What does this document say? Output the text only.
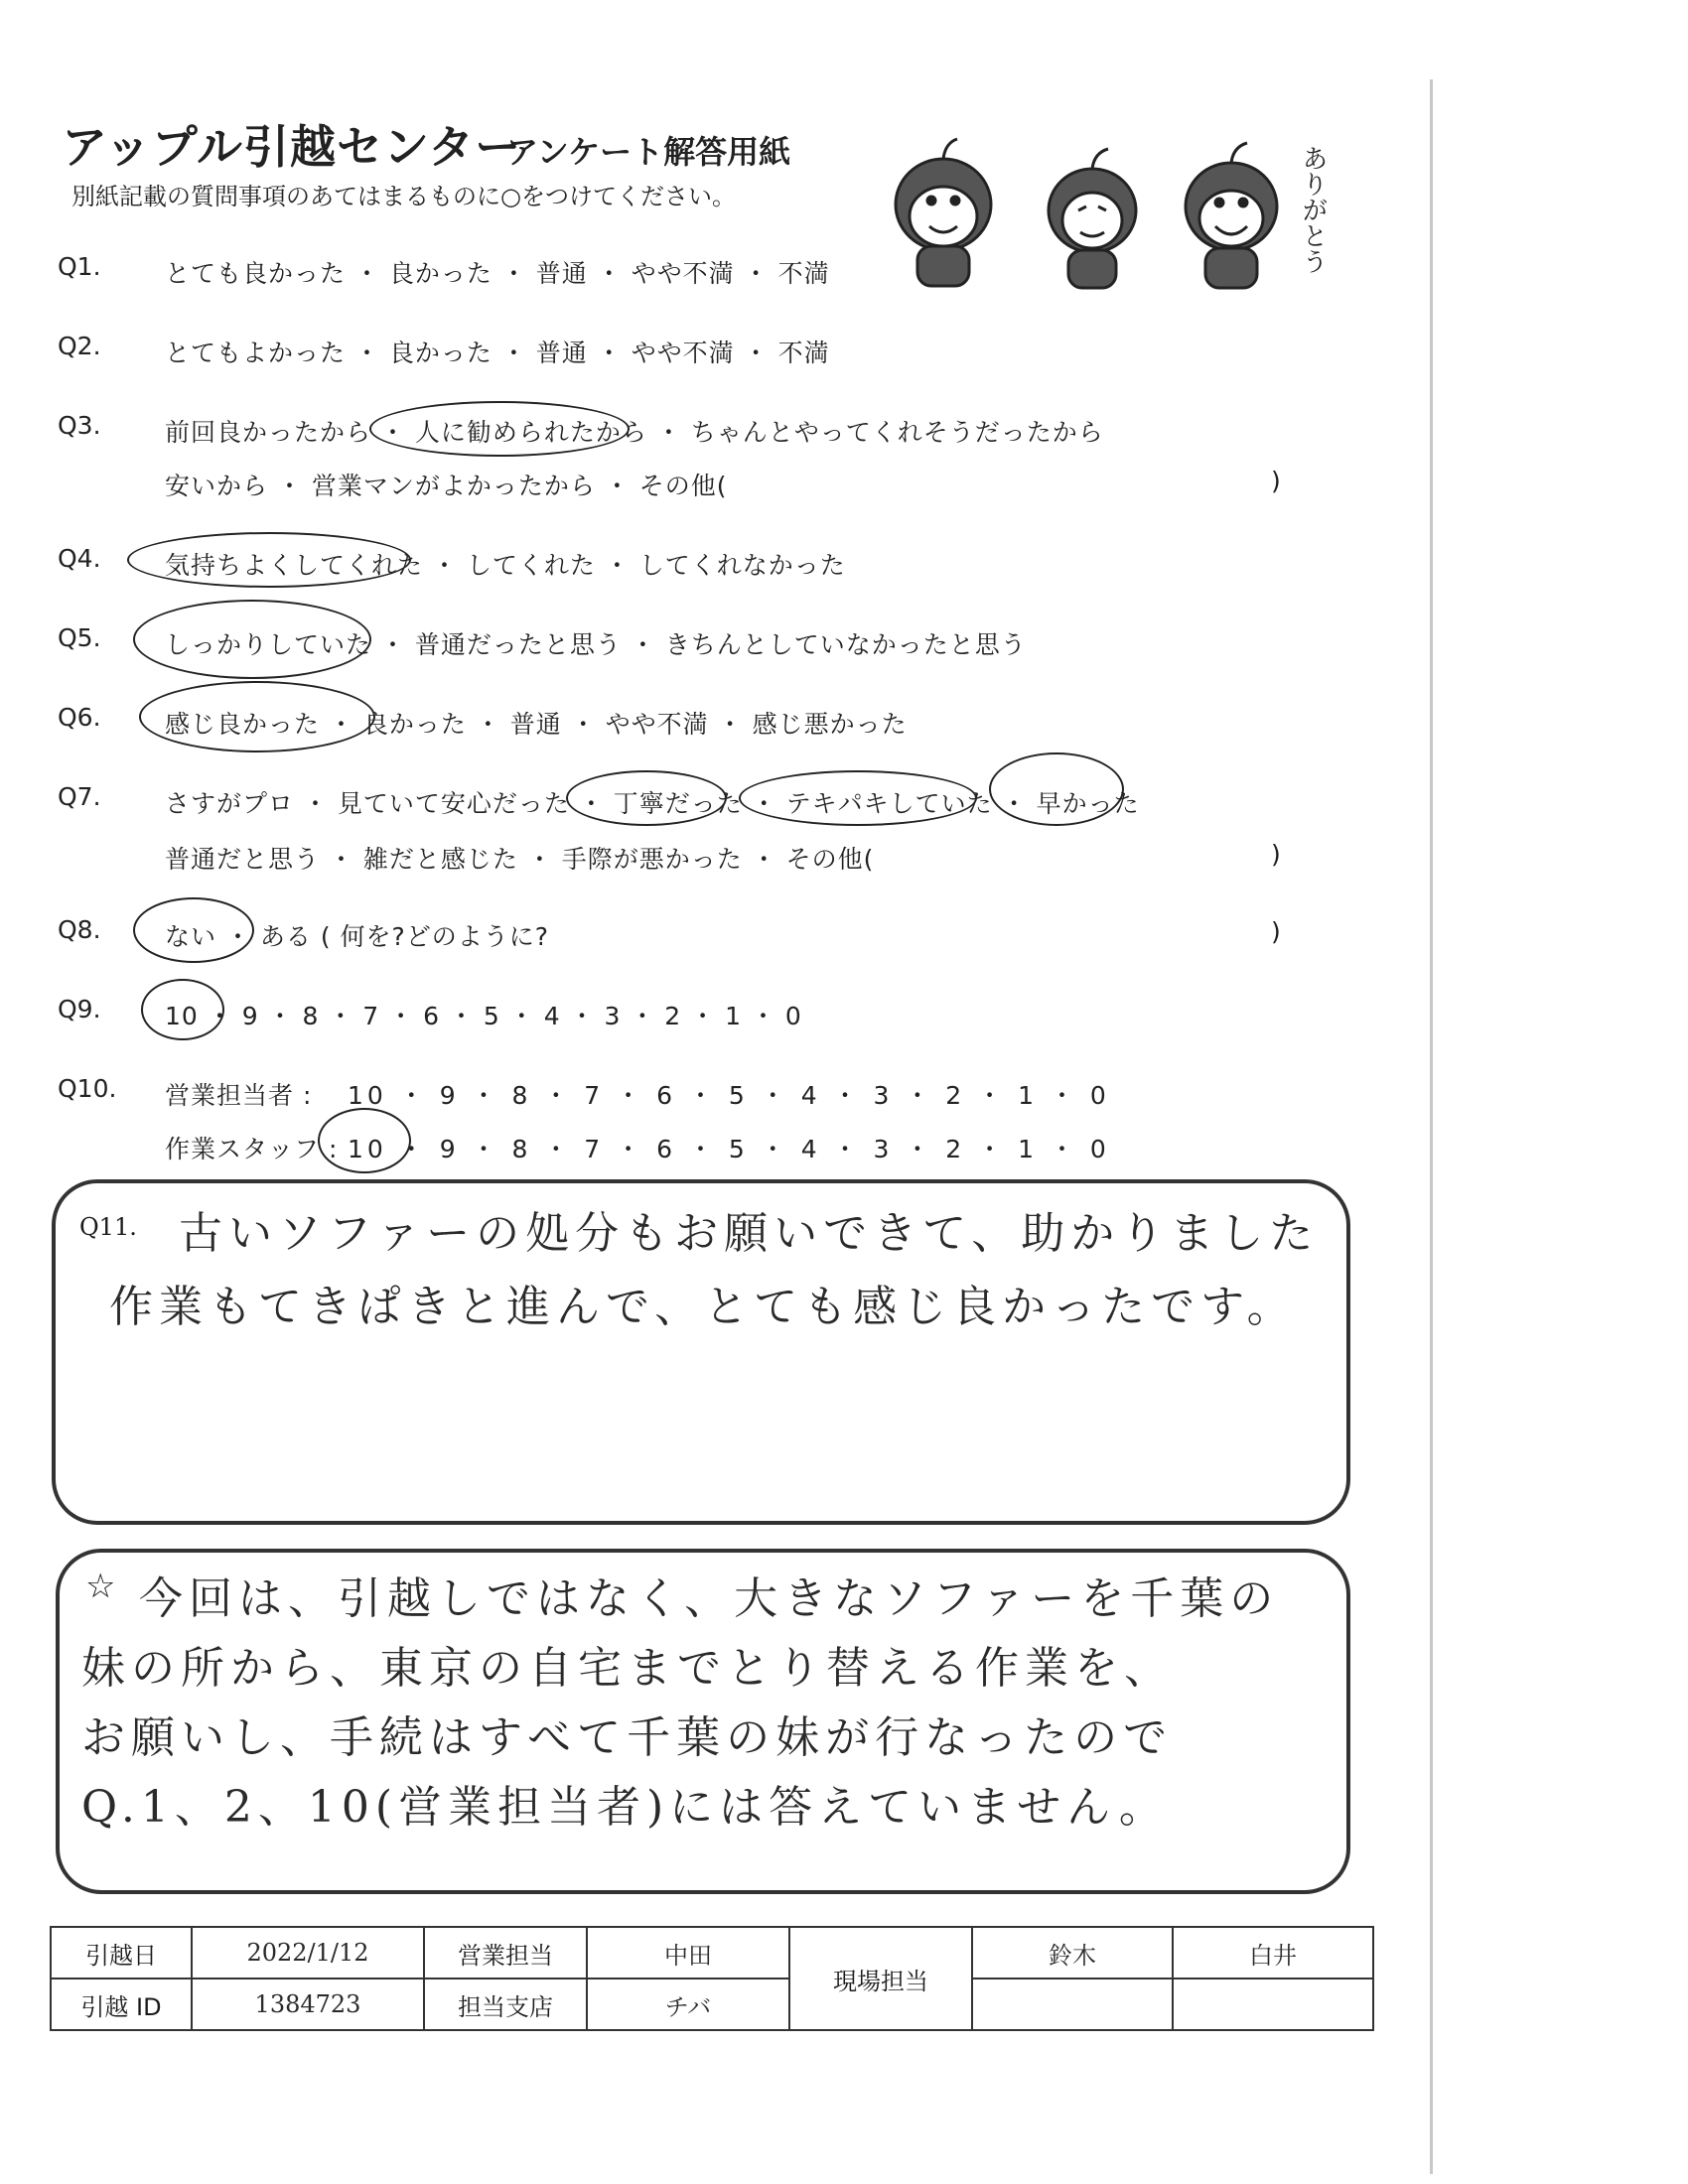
アップル引越センター
アンケート解答用紙
別紙記載の質問事項のあてはまるものに○をつけてください。	ありがとう
Q1.	とても良かった ・ 良かった ・ 普通 ・ やや不満 ・ 不満
Q2.	とてもよかった ・ 良かった ・ 普通 ・ やや不満 ・ 不満
Q3.	前回良かったから ・ 人に勧められたから ・ ちゃんとやってくれそうだったから
安いから ・ 営業マンがよかったから ・ その他(	)
Q4.	気持ちよくしてくれた ・ してくれた ・ してくれなかった
Q5.	しっかりしていた ・ 普通だったと思う ・ きちんとしていなかったと思う
Q6.	感じ良かった ・ 良かった ・ 普通 ・ やや不満 ・ 感じ悪かった
Q7.	さすがプロ ・ 見ていて安心だった ・ 丁寧だった ・ テキパキしていた ・ 早かった
普通だと思う ・ 雑だと感じた ・ 手際が悪かった ・ その他(	)
Q8.	ない ・ ある ( 何を?どのように?	)
Q9.	10 ・ 9 ・ 8 ・ 7 ・ 6 ・ 5 ・ 4 ・ 3 ・ 2 ・ 1 ・ 0
Q10. 営業担当者 : 10 ・ 9 ・ 8 ・ 7 ・ 6 ・ 5 ・ 4 ・ 3 ・ 2 ・ 1 ・ 0
作業スタッフ : 10 ・ 9 ・ 8 ・ 7 ・ 6 ・ 5 ・ 4 ・ 3 ・ 2 ・ 1 ・ 0
Q11. 古いソファーの処分もお願いできて、助かりました
作業もてきぱきと進んで、とても感じ良かったです。
☆ 今回は、引越しではなく、大きなソファーを千葉の
妹の所から、東京の自宅までとり替える作業を、
お願いし、手続はすべて千葉の妹が行なったので
Q.1、2、10(営業担当者)には答えていません。
引越日	2022/1/12	営業担当	中田	現場担当	鈴木	白井
引越 ID	1384723	担当支店	チバ			
